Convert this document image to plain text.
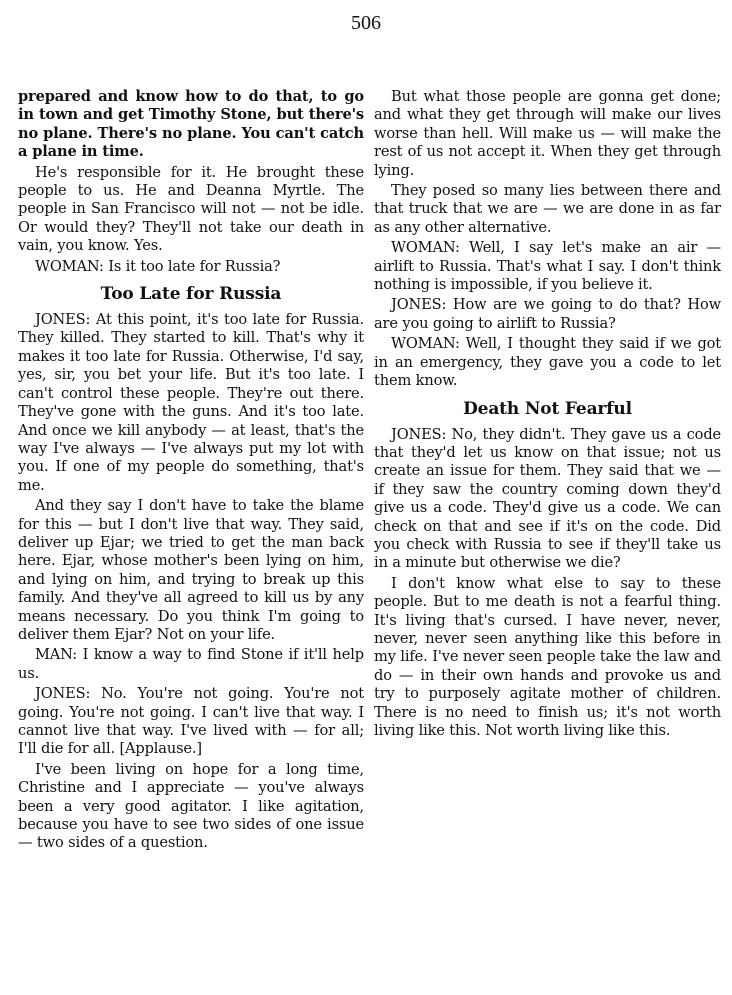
506

prepared and know how to do that, to go in town and get Timothy Stone, but there's no plane. There's no plane. You can't catch a plane in time.

He's responsible for it. He brought these people to us. He and Deanna Myrtle. The people in San Francisco will not — not be idle. Or would they? They'll not take our death in vain, you know. Yes.

WOMAN: Is it too late for Russia?

Too Late for Russia

JONES: At this point, it's too late for Russia. They killed. They started to kill. That's why it makes it too late for Russia. Otherwise, I'd say, yes, sir, you bet your life. But it's too late. I can't control these people. They're out there. They've gone with the guns. And it's too late. And once we kill anybody — at least, that's the way I've always — I've always put my lot with you. If one of my people do something, that's me.

And they say I don't have to take the blame for this — but I don't live that way. They said, deliver up Ejar; we tried to get the man back here. Ejar, whose mother's been lying on him, and lying on him, and trying to break up this family. And they've all agreed to kill us by any means necessary. Do you think I'm going to deliver them Ejar? Not on your life.

MAN: I know a way to find Stone if it'll help us.

JONES: No. You're not going. You're not going. You're not going. I can't live that way. I cannot live that way. I've lived with — for all; I'll die for all. [Applause.]

I've been living on hope for a long time, Christine and I appreciate — you've always been a very good agitator. I like agitation, because you have to see two sides of one issue — two sides of a question.

But what those people are gonna get done; and what they get through will make our lives worse than hell. Will make us — will make the rest of us not accept it. When they get through lying.

They posed so many lies between there and that truck that we are — we are done in as far as any other alternative.

WOMAN: Well, I say let's make an air — airlift to Russia. That's what I say. I don't think nothing is impossible, if you believe it.

JONES: How are we going to do that? How are you going to airlift to Russia?

WOMAN: Well, I thought they said if we got in an emergency, they gave you a code to let them know.

Death Not Fearful

JONES: No, they didn't. They gave us a code that they'd let us know on that issue; not us create an issue for them. They said that we — if they saw the country coming down they'd give us a code. They'd give us a code. We can check on that and see if it's on the code. Did you check with Russia to see if they'll take us in a minute but otherwise we die?

I don't know what else to say to these people. But to me death is not a fearful thing. It's living that's cursed. I have never, never, never, never seen anything like this before in my life. I've never seen people take the law and do — in their own hands and provoke us and try to purposely agitate mother of children. There is no need to finish us; it's not worth living like this. Not worth living like this.
